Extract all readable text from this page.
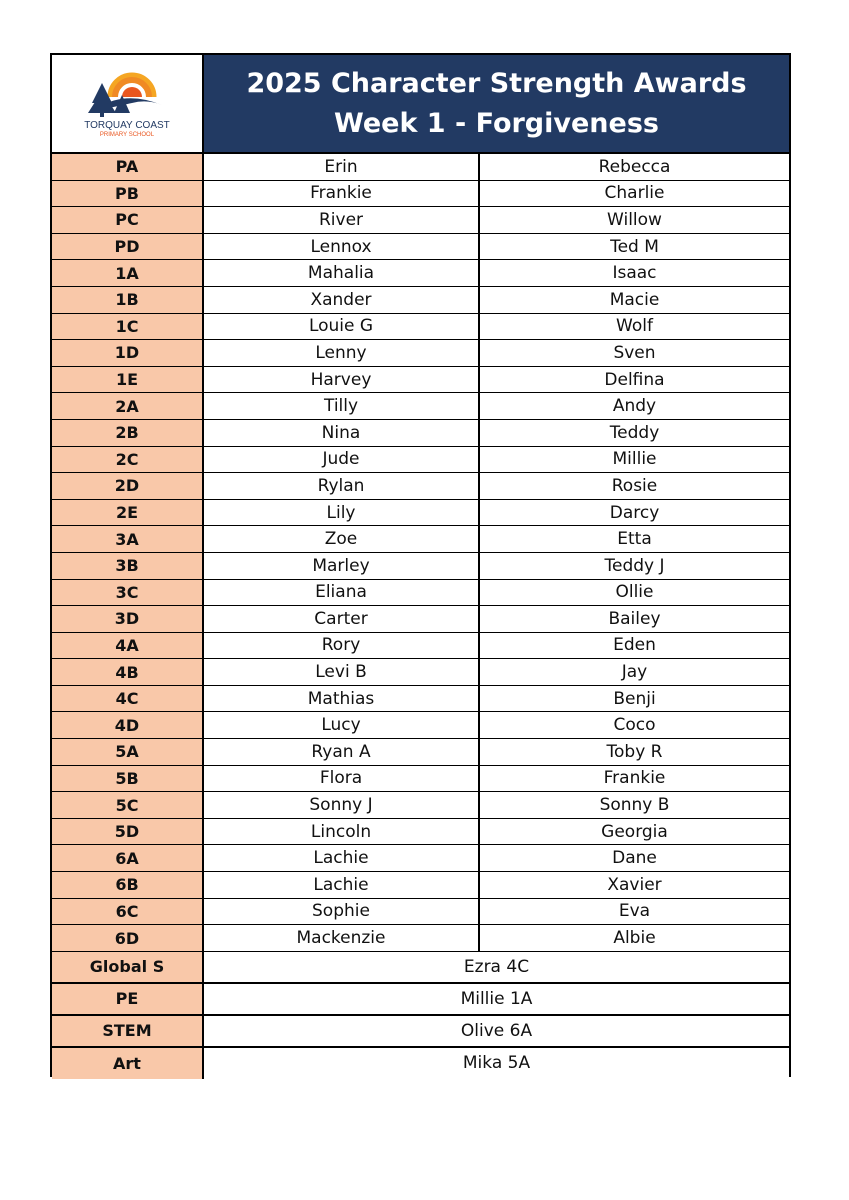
TORQUAY COAST
PRIMARY SCHOOL
2025 Character Strength Awards
Week 1 - Forgiveness
PA	Erin	Rebecca
PB	Frankie	Charlie
PC	River	Willow
PD	Lennox	Ted M
1A	Mahalia	Isaac
1B	Xander	Macie
1C	Louie G	Wolf
1D	Lenny	Sven
1E	Harvey	Delfina
2A	Tilly	Andy
2B	Nina	Teddy
2C	Jude	Millie
2D	Rylan	Rosie
2E	Lily	Darcy
3A	Zoe	Etta
3B	Marley	Teddy J
3C	Eliana	Ollie
3D	Carter	Bailey
4A	Rory	Eden
4B	Levi B	Jay
4C	Mathias	Benji
4D	Lucy	Coco
5A	Ryan A	Toby R
5B	Flora	Frankie
5C	Sonny J	Sonny B
5D	Lincoln	Georgia
6A	Lachie	Dane
6B	Lachie	Xavier
6C	Sophie	Eva
6D	Mackenzie	Albie
Global S	Ezra 4C
PE	Millie 1A
STEM	Olive 6A
Art	Mika 5A
